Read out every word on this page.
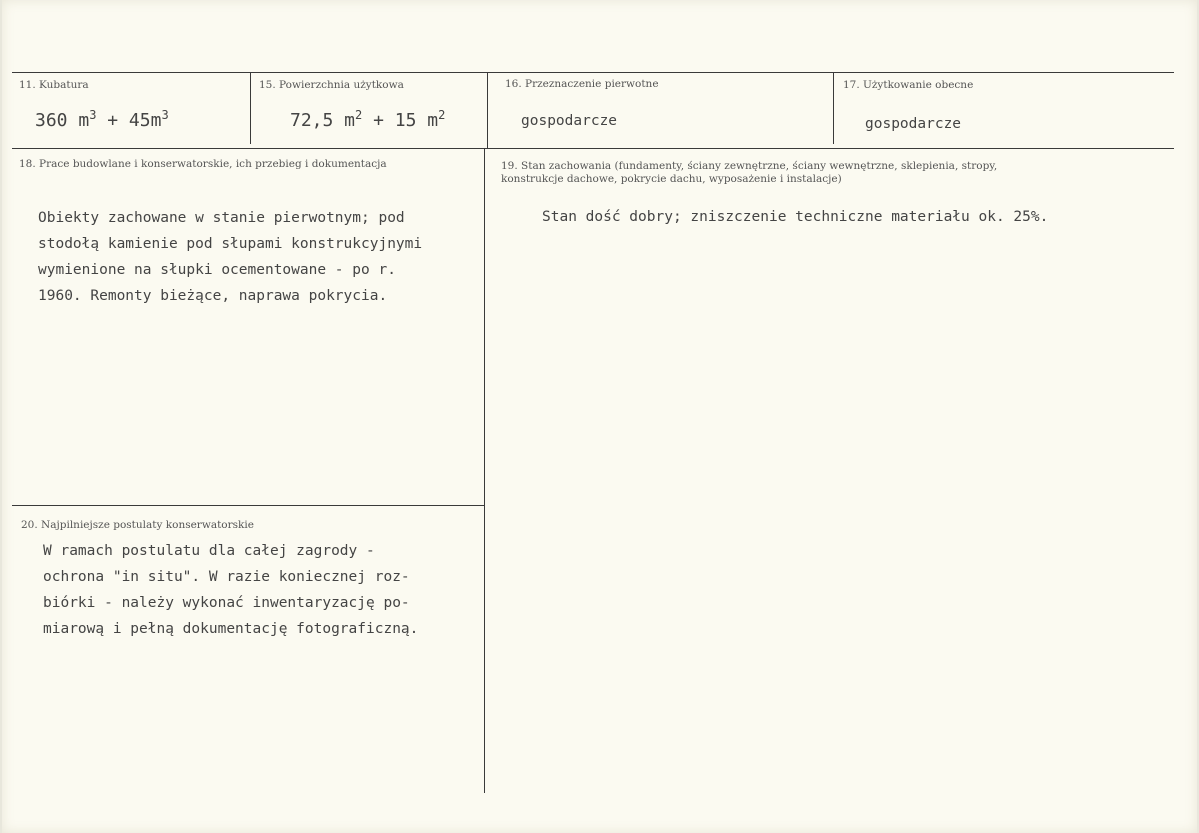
11. Kubatura
360 $m^3 + 45m^3$
15. Powierzchnia użytkowa
72,5 $m^2 + 15$ $m^2$
16. Przeznaczenie pierwotne
gospodarcze
17. Użytkowanie obecne
gospodarcze
18. Prace budowlane i konserwatorskie, ich przebieg i dokumentacja
Obiekty zachowane w stanie pierwotnym; pod
stodołą kamienie pod słupami konstrukcyjnymi
wymienione na słupki ocementowane - po r.
1960. Remonty bieżące, naprawa pokrycia.
19. Stan zachowania (fundamenty, ściany zewnętrzne, ściany wewnętrzne, sklepienia, stropy,
konstrukcje dachowe, pokrycie dachu, wyposażenie i instalacje)
Stan dość dobry; zniszczenie techniczne materiału ok. 25%.
20. Najpilniejsze postulaty konserwatorskie
W ramach postulatu dla całej zagrody -
ochrona "in situ". W razie koniecznej roz-
biórki - należy wykonać inwentaryzację po-
miarową i pełną dokumentację fotograficzną.
